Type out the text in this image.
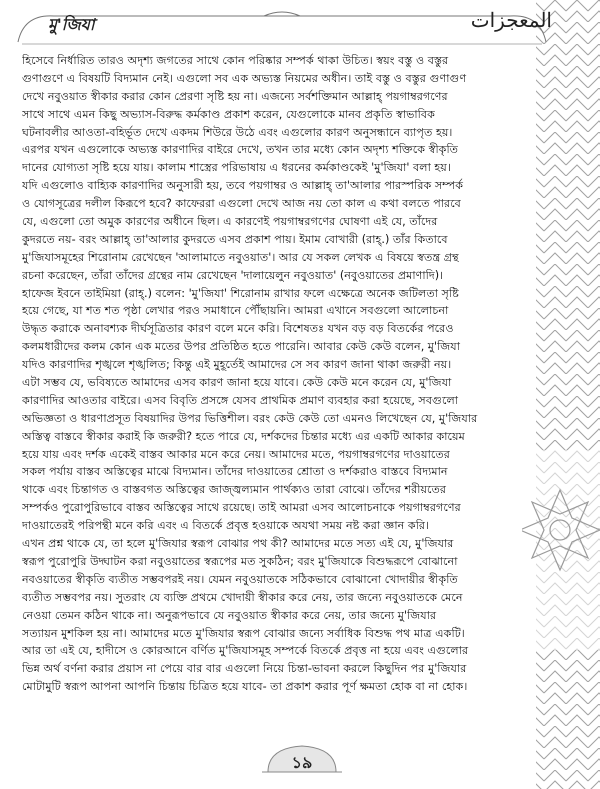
মু'জিযা	المعجزات
হিসেবে নির্ধারিত তারও অদৃশ্য জগতের সাথে কোন পরিষ্কার সম্পর্ক থাকা উচিত। স্বয়ং বস্তু ও বস্তুর
গুণাগুণে এ বিষয়টি বিদ্যমান নেই। এগুলো সব এক অভ্যস্ত নিয়মের অধীন। তাই বস্তু ও বস্তুর গুণাগুণ
দেখে নবুওয়াত স্বীকার করার কোন প্রেরণা সৃষ্টি হয় না। এজন্যে সর্বশক্তিমান আল্লাহ্ পয়গাম্বরগণের
সাথে সাথে এমন কিছু অভ্যাস-বিরুদ্ধ কর্মকাণ্ড প্রকাশ করেন, যেগুলোকে মানব প্রকৃতি স্বাভাবিক
ঘটনাবলীর আওতা-বহির্ভূত দেখে একদম শিউরে উঠে এবং এগুলোর কারণ অনুসন্ধানে ব্যাপৃত হয়।
এরপর যখন এগুলোকে অভ্যস্ত কারণাদির বাইরে দেখে, তখন তার মধ্যে কোন অদৃশ্য শক্তিকে স্বীকৃতি
দানের যোগ্যতা সৃষ্টি হয়ে যায়। কালাম শাস্ত্রের পরিভাষায় এ ধরনের কর্মকাণ্ডকেই 'মু'জিযা' বলা হয়।
যদি এগুলোও বাহ্যিক কারণাদির অনুসারী হয়, তবে পয়গাম্বর ও আল্লাহ্ তা'আলার পারস্পরিক সম্পর্ক
ও যোগসূত্রের দলীল কিরূপে হবে? কাফেররা এগুলো দেখে আজ নয় তো কাল এ কথা বলতে পারবে
যে, এগুলো তো অমুক কারণের অধীনে ছিল। এ কারণেই পয়গাম্বরগণের ঘোষণা এই যে, তাঁদের
কুদরতে নয়- বরং আল্লাহ্ তা'আলার কুদরতে এসব প্রকাশ পায়। ইমাম বোখারী (রাহ্.) তাঁর কিতাবে
মু'জিযাসমূহের শিরোনাম রেখেছেন 'আলামাতে নবুওয়াত'। আর যে সকল লেখক এ বিষয়ে স্বতন্ত্র গ্রন্থ
রচনা করেছেন, তাঁরা তাঁদের গ্রন্থের নাম রেখেছেন 'দালায়েলুন নবুওয়াত' (নবুওয়াতের প্রমাণাদি)।
হাফেজ ইবনে তাইমিয়া (রাহ্.) বলেন: 'মু'জিযা' শিরোনাম রাখার ফলে এক্ষেত্রে অনেক জটিলতা সৃষ্টি
হয়ে গেছে, যা শত শত পৃষ্ঠা লেখার পরও সমাধানে পৌঁছায়নি। আমরা এখানে সবগুলো আলোচনা
উদ্ধৃত করাকে অনাবশ্যক দীর্ঘসূত্রিতার কারণ বলে মনে করি। বিশেষতঃ যখন বড় বড় বিতর্কের পরেও
কলমধারীদের কলম কোন এক মতের উপর প্রতিষ্ঠিত হতে পারেনি। আবার কেউ কেউ বলেন, মু'জিযা
যদিও কারণাদির শৃঙ্খলে শৃঙ্খলিত; কিন্তু এই মুহূর্তেই আমাদের সে সব কারণ জানা থাকা জরুরী নয়।
এটা সম্ভব যে, ভবিষ্যতে আমাদের এসব কারণ জানা হয়ে যাবে। কেউ কেউ মনে করেন যে, মু'জিযা
কারণাদির আওতার বাইরে। এসব বিবৃতি প্রসঙ্গে যেসব প্রাথমিক প্রমাণ ব্যবহার করা হয়েছে, সবগুলো
অভিজ্ঞতা ও ধারণাপ্রসূত বিষয়াদির উপর ভিত্তিশীল। বরং কেউ কেউ তো এমনও লিখেছেন যে, মু'জিযার
অস্তিত্ব বাস্তবে স্বীকার করাই কি জরুরী? হতে পারে যে, দর্শকদের চিন্তার মধ্যে এর একটি আকার কায়েম
হয়ে যায় এবং দর্শক একেই বাস্তব আকার মনে করে নেয়। আমাদের মতে, পয়গাম্বরগণের দাওয়াতের
সকল পর্যায় বাস্তব অস্তিত্বের মাঝে বিদ্যমান। তাঁদের দাওয়াতের শ্রোতা ও দর্শকরাও বাস্তবে বিদ্যমান
থাকে এবং চিন্তাগত ও বাস্তবগত অস্তিত্বের জাজ্জ্বল্যমান পার্থক্যও তারা বোঝে। তাঁদের শরীয়তের
সম্পর্কও পুরোপুরিভাবে বাস্তব অস্তিত্বের সাথে রয়েছে। তাই আমরা এসব আলোচনাকে পয়গাম্বরগণের
দাওয়াতেরই পরিপন্থী মনে করি এবং এ বিতর্কে প্রবৃত্ত হওয়াকে অযথা সময় নষ্ট করা জ্ঞান করি।
এখন প্রশ্ন থাকে যে, তা হলে মু'জিযার স্বরূপ বোঝার পথ কী? আমাদের মতে সত্য এই যে, মু'জিযার
স্বরূপ পুরোপুরি উদ্ঘাটন করা নবুওয়াতের স্বরূপের মত সুকঠিন; বরং মু'জিযাকে বিশুদ্ধরূপে বোঝানো
নবওয়াতের স্বীকৃতি ব্যতীত সম্ভবপরই নয়। যেমন নবুওয়াতকে সঠিকভাবে বোঝানো খোদায়ীর স্বীকৃতি
ব্যতীত সম্ভবপর নয়। সুতরাং যে ব্যক্তি প্রথমে খোদায়ী স্বীকার করে নেয়, তার জন্যে নবুওয়াতকে মেনে
নেওয়া তেমন কঠিন থাকে না। অনুরূপভাবে যে নবুওয়াত স্বীকার করে নেয়, তার জন্যে মু'জিযার
সত্যায়ন মুশকিল হয় না। আমাদের মতে মু'জিযার স্বরূপ বোঝার জন্যে সর্বাধিক বিশুদ্ধ পথ মাত্র একটি।
আর তা এই যে, হাদীসে ও কোরআনে বর্ণিত মু'জিযাসমূহ সম্পর্কে বিতর্কে প্রবৃত্ত না হয়ে এবং এগুলোর
ভিন্ন অর্থ বর্ণনা করার প্রয়াস না পেয়ে বার বার এগুলো নিয়ে চিন্তা-ভাবনা করলে কিছুদিন পর মু'জিযার
মোটামুটি স্বরূপ আপনা আপনি চিন্তায় চিত্রিত হয়ে যাবে- তা প্রকাশ করার পূর্ণ ক্ষমতা হোক বা না হোক।
১৯
